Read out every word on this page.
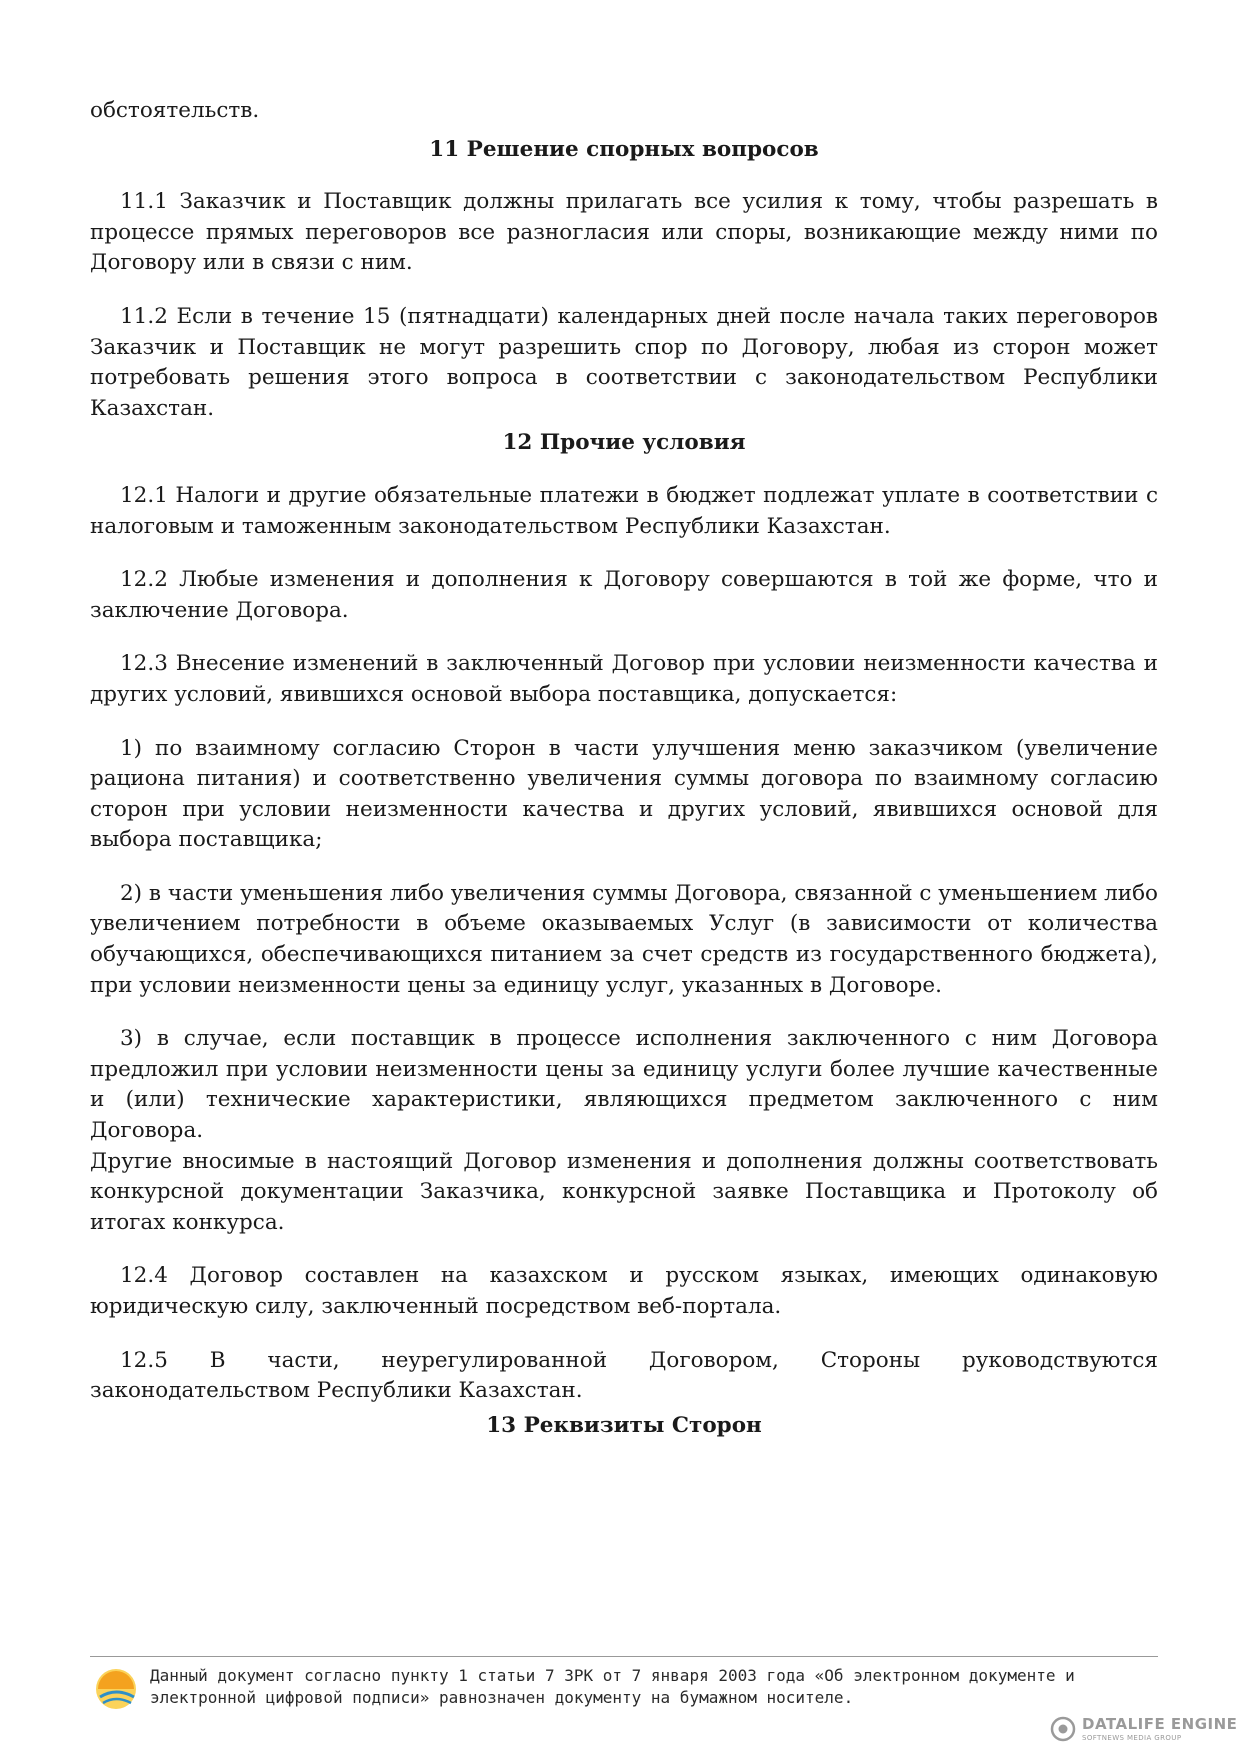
обстоятельств.

11 Решение спорных вопросов

11.1 Заказчик и Поставщик должны прилагать все усилия к тому, чтобы разрешать в процессе прямых переговоров все разногласия или споры, возникающие между ними по Договору или в связи с ним.

11.2 Если в течение 15 (пятнадцати) календарных дней после начала таких переговоров Заказчик и Поставщик не могут разрешить спор по Договору, любая из сторон может потребовать решения этого вопроса в соответствии с законодательством Республики Казахстан.

12 Прочие условия

12.1 Налоги и другие обязательные платежи в бюджет подлежат уплате в соответствии с налоговым и таможенным законодательством Республики Казахстан.

12.2 Любые изменения и дополнения к Договору совершаются в той же форме, что и заключение Договора.

12.3 Внесение изменений в заключенный Договор при условии неизменности качества и других условий, явившихся основой выбора поставщика, допускается:

1) по взаимному согласию Сторон в части улучшения меню заказчиком (увеличение рациона питания) и соответственно увеличения суммы договора по взаимному согласию сторон при условии неизменности качества и других условий, явившихся основой для выбора поставщика;

2) в части уменьшения либо увеличения суммы Договора, связанной с уменьшением либо увеличением потребности в объеме оказываемых Услуг (в зависимости от количества обучающихся, обеспечивающихся питанием за счет средств из государственного бюджета), при условии неизменности цены за единицу услуг, указанных в Договоре.

3) в случае, если поставщик в процессе исполнения заключенного с ним Договора предложил при условии неизменности цены за единицу услуги более лучшие качественные и (или) технические характеристики, являющихся предметом заключенного с ним Договора.

Другие вносимые в настоящий Договор изменения и дополнения должны соответствовать конкурсной документации Заказчика, конкурсной заявке Поставщика и Протоколу об итогах конкурса.

12.4 Договор составлен на казахском и русском языках, имеющих одинаковую юридическую силу, заключенный посредством веб-портала.

12.5 В части, неурегулированной Договором, Стороны руководствуются законодательством Республики Казахстан.

13 Реквизиты Сторон

Данный документ согласно пункту 1 статьи 7 ЗРК от 7 января 2003 года «Об электронном документе и
электронной цифровой подписи» равнозначен документу на бумажном носителе.
DATALIFE ENGINE
SOFTNEWS MEDIA GROUP
